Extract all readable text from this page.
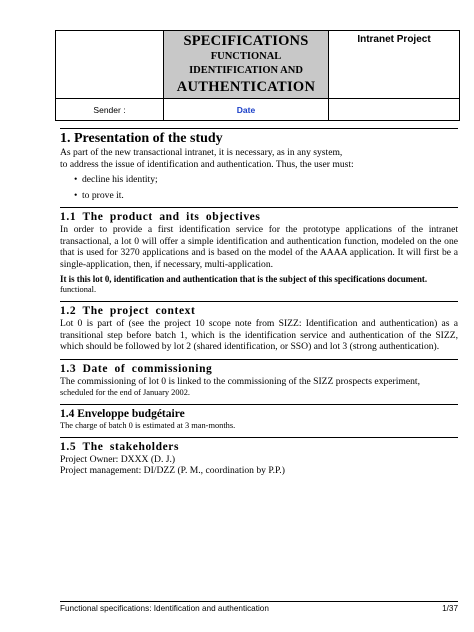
	SPECIFICATIONS
FUNCTIONAL
IDENTIFICATION AND
AUTHENTICATION	Intranet Project
Sender :	Date	
1. Presentation of the study

As part of the new transactional intranet, it is necessary, as in any system,

to address the issue of identification and authentication. Thus, the user must:

• decline his identity;
• to prove it.
1.1 The product and its objectives

In order to provide a first identification service for the prototype applications of the intranet transactional, a lot 0 will offer a simple identification and authentication function, modeled on the one that is used for 3270 applications and is based on the model of the AAAA application. It will first be a single-application, then, if necessary, multi-application.

It is this lot 0, identification and authentication that is the subject of this specifications document.

functional.

1.2 The project context

Lot 0 is part of (see the project 10 scope note from SIZZ: Identification and authentication) as a transitional step before batch 1, which is the identification service and authentication of the SIZZ, which should be followed by lot 2 (shared identification, or SSO) and lot 3 (strong authentication).

1.3 Date of commissioning

The commissioning of lot 0 is linked to the commissioning of the SIZZ prospects experiment,

scheduled for the end of January 2002.

1.4 Enveloppe budgétaire

The charge of batch 0 is estimated at 3 man-months.

1.5 The stakeholders

Project Owner: DXXX (D. J.)

Project management: DI/DZZ (P. M., coordination by P.P.)

Functional specifications: Identification and authentication	1/37
